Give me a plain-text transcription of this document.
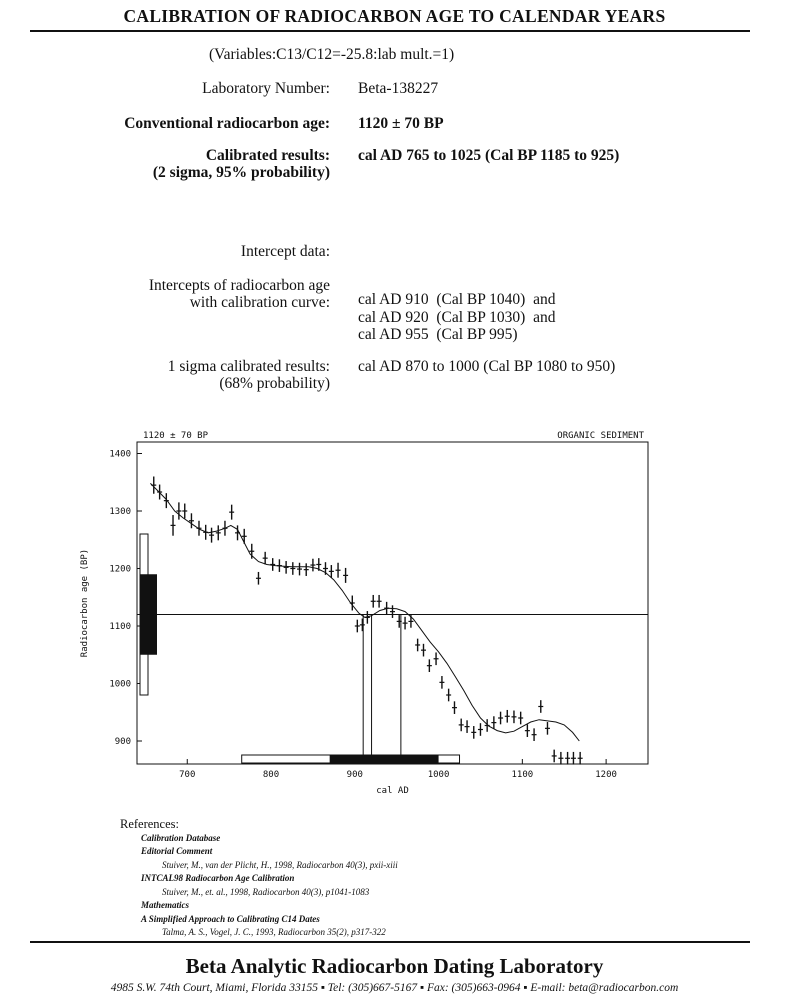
CALIBRATION OF RADIOCARBON AGE TO CALENDAR YEARS
(Variables:C13/C12=-25.8:lab mult.=1)
Laboratory Number: Beta-138227
Conventional radiocarbon age: 1120 ± 70 BP
Calibrated results:
(2 sigma, 95% probability)
cal AD 765 to 1025 (Cal BP 1185 to 925)
Intercept data:
Intercepts of radiocarbon age
with calibration curve: cal AD 910  (Cal BP 1040)  and
cal AD 920  (Cal BP 1030)  and
cal AD 955  (Cal BP 995)
1 sigma calibrated results:
(68% probability)
cal AD 870 to 1000 (Cal BP 1080 to 950)
1120 ± 70 BP	ORGANIC SEDIMENT
700	800	900	1000	1100	1200
900
1000
1100
1200
1300
1400
cal AD
Radiocarbon age (BP)
References:
Calibration Database
Editorial Comment
Stuiver, M., van der Plicht, H., 1998, Radiocarbon 40(3), pxii-xiii
INTCAL98 Radiocarbon Age Calibration
Stuiver, M., et. al., 1998, Radiocarbon 40(3), p1041-1083
Mathematics
A Simplified Approach to Calibrating C14 Dates
Talma, A. S., Vogel, J. C., 1993, Radiocarbon 35(2), p317-322
Beta Analytic Radiocarbon Dating Laboratory
4985 S.W. 74th Court, Miami, Florida 33155 ▪ Tel: (305)667-5167 ▪ Fax: (305)663-0964 ▪ E-mail: beta@radiocarbon.com
